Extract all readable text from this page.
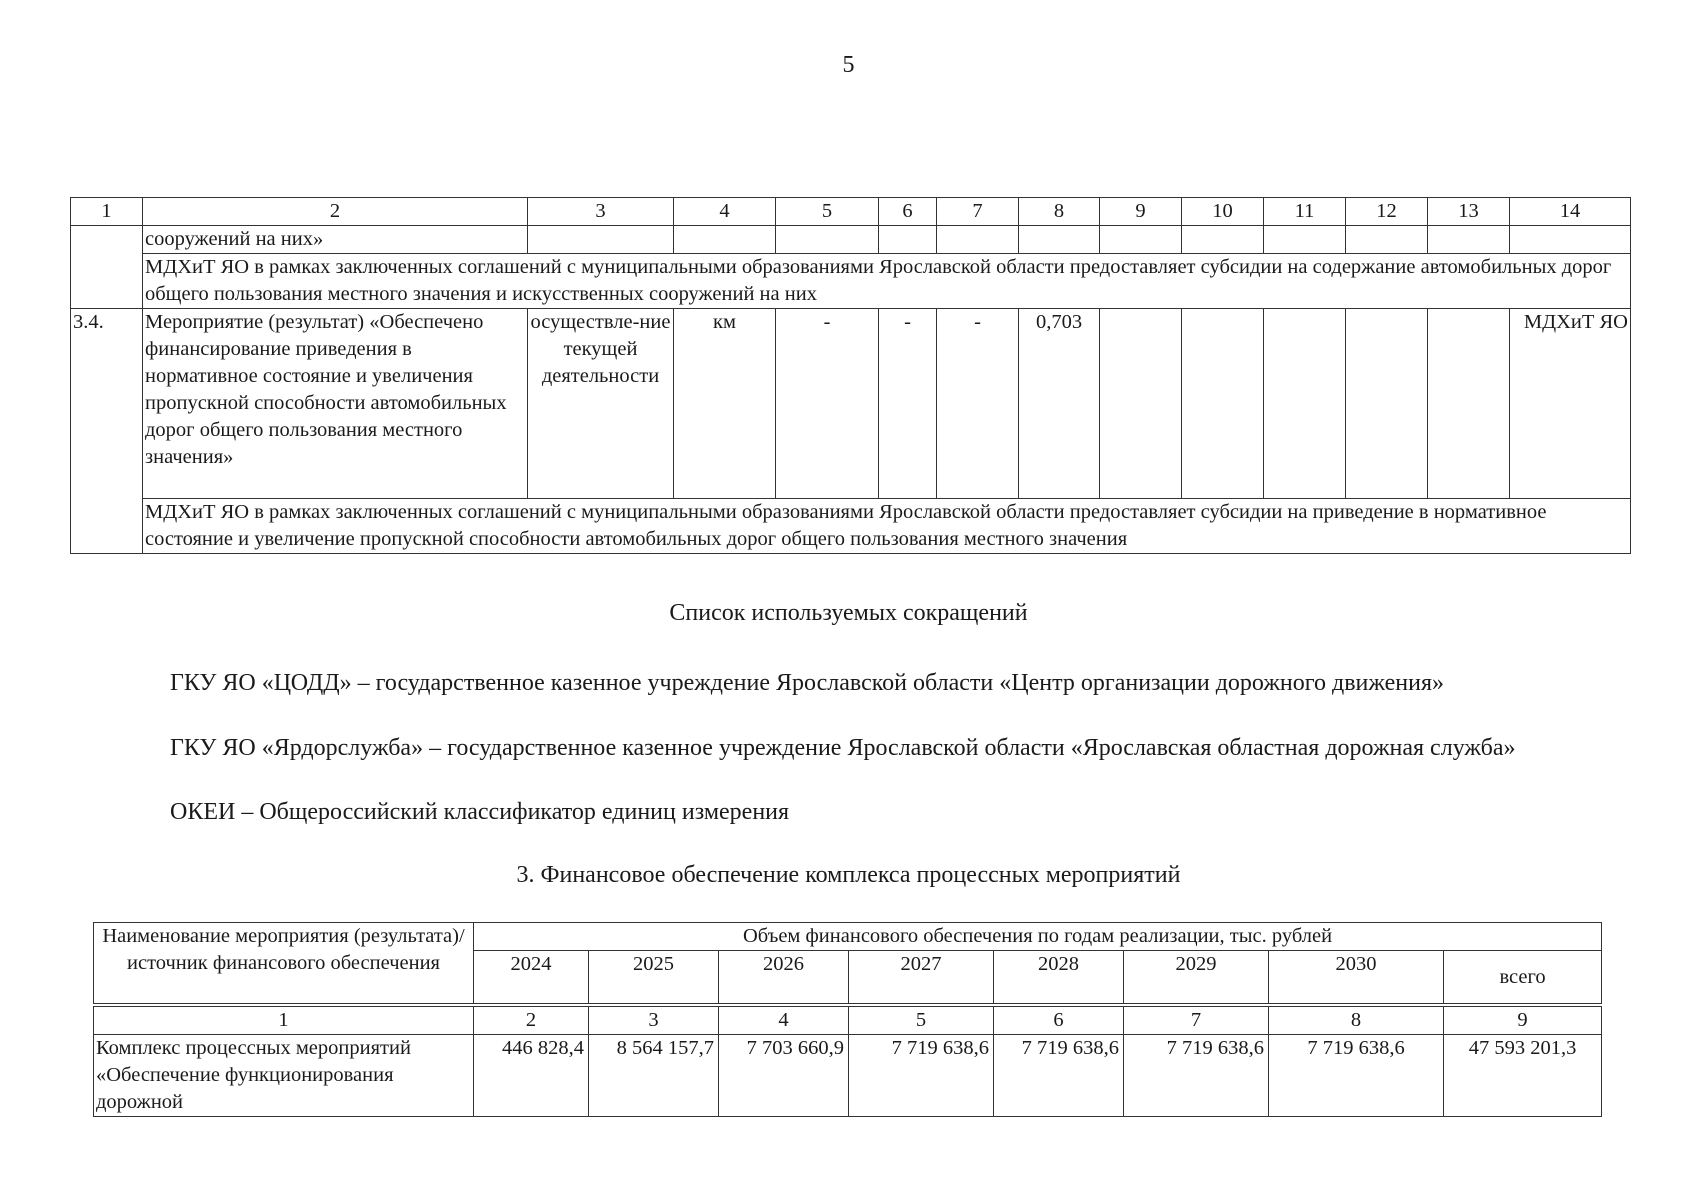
5
1	2	3	4	5	6	7	8	9	10	11	12	13	14
	сооружений на них»												
	МДХиТ ЯО в рамках заключенных соглашений с муниципальными образованиями Ярославской области предоставляет субсидии на содержание автомобильных дорог общего пользования местного значения и искусственных сооружений на них												
3.4.	Мероприятие (результат) «Обеспечено финансирование приведения в нормативное состояние и увеличения пропускной способности автомобильных дорог общего пользования местного значения»	осуществле-ние текущей деятельности	км	-	-	-	0,703						МДХиТ ЯО
	МДХиТ ЯО в рамках заключенных соглашений с муниципальными образованиями Ярославской области предоставляет субсидии на приведение в нормативное состояние и увеличение пропускной способности автомобильных дорог общего пользования местного значения												
Список используемых сокращений

ГКУ ЯО «ЦОДД» – государственное казенное учреждение Ярославской области «Центр организации дорожного движения»

ГКУ ЯО «Ярдорслужба» – государственное казенное учреждение Ярославской области «Ярославская областная дорожная служба»

ОКЕИ – Общероссийский классификатор единиц измерения

3. Финансовое обеспечение комплекса процессных мероприятий
Наименование мероприятия (результата)/ источник финансового обеспечения	Объем финансового обеспечения по годам реализации, тыс. рублей							
	2024	2025	2026	2027	2028	2029	2030	всего

1	2	3	4	5	6	7	8	9
Комплекс процессных мероприятий «Обеспечение функционирования дорожной	446 828,4	8 564 157,7	7 703 660,9	7 719 638,6	7 719 638,6	7 719 638,6	7 719 638,6	47 593 201,3
